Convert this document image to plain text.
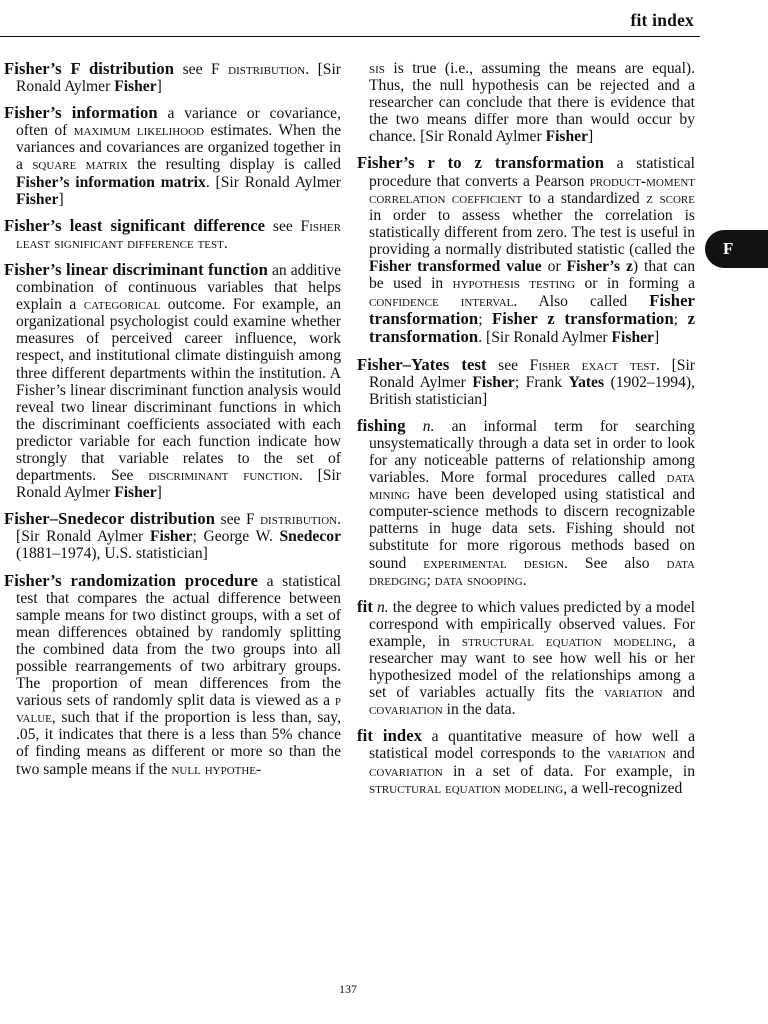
fit index

Fisher’s F distribution see F distribution. [Sir Ronald Aylmer Fisher]

Fisher’s information a variance or covariance, often of maximum likelihood estimates. When the variances and covariances are organized together in a square matrix the resulting display is called Fisher’s information matrix. [Sir Ronald Aylmer Fisher]

Fisher’s least significant difference see Fisher least significant difference test.

Fisher’s linear discriminant function an additive combination of continuous variables that helps explain a categorical outcome. For example, an organizational psychologist could examine whether measures of perceived career influence, work respect, and institutional climate distinguish among three different departments within the institution. A Fisher’s linear discriminant function analysis would reveal two linear discriminant functions in which the discriminant coefficients associated with each predictor variable for each function indicate how strongly that variable relates to the set of departments. See discriminant function. [Sir Ronald Aylmer Fisher]

Fisher–Snedecor distribution see F distribution. [Sir Ronald Aylmer Fisher; George W. Snedecor (1881–1974), U.S. statistician]

Fisher’s randomization procedure a statistical test that compares the actual difference between sample means for two distinct groups, with a set of mean differences obtained by randomly splitting the combined data from the two groups into all possible rearrangements of two arbitrary groups. The proportion of mean differences from the various sets of randomly split data is viewed as a p value, such that if the proportion is less than, say, .05, it indicates that there is a less than 5% chance of finding means as different or more so than the two sample means if the null hypothe-

sis is true (i.e., assuming the means are equal). Thus, the null hypothesis can be rejected and a researcher can conclude that there is evidence that the two means differ more than would occur by chance. [Sir Ronald Aylmer Fisher]

Fisher’s r to z transformation a statistical procedure that converts a Pearson product-moment correlation coefficient to a standardized z score in order to assess whether the correlation is statistically different from zero. The test is useful in providing a normally distributed statistic (called the Fisher transformed value or Fisher’s z) that can be used in hypothesis testing or in forming a confidence interval. Also called Fisher transformation; Fisher z transformation; z transformation. [Sir Ronald Aylmer Fisher]

Fisher–Yates test see Fisher exact test. [Sir Ronald Aylmer Fisher; Frank Yates (1902–1994), British statistician]

fishing n. an informal term for searching unsystematically through a data set in order to look for any noticeable patterns of relationship among variables. More formal procedures called data mining have been developed using statistical and computer-science methods to discern recognizable patterns in huge data sets. Fishing should not substitute for more rigorous methods based on sound experimental design. See also data dredging; data snooping.

fit n. the degree to which values predicted by a model correspond with empirically observed values. For example, in structural equation modeling, a researcher may want to see how well his or her hypothesized model of the relationships among a set of variables actually fits the variation and covariation in the data.

fit index a quantitative measure of how well a statistical model corresponds to the variation and covariation in a set of data. For example, in structural equation modeling, a well-recognized

F
137
